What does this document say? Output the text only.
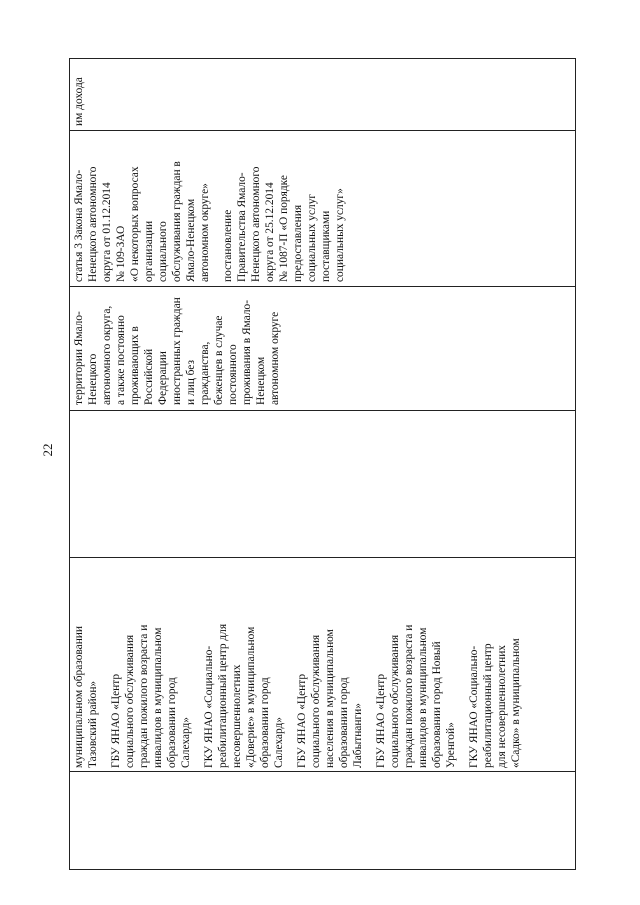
22
муниципальном образовании Тазовский район» ГБУ ЯНАО «Центр социального обслуживания граждан пожилого возраста и инвалидов в муниципальном образовании город Салехард» ГКУ ЯНАО «Социально- реабилитационный центр для несовершеннолетних «Доверие» в муниципальном образовании город Салехард» ГБУ ЯНАО «Центр социального обслуживания населения в муниципальном образовании город Лабытнанги» ГБУ ЯНАО «Центр социального обслуживания граждан пожилого возраста и инвалидов в муниципальном образовании город Новый Уренгой» ГКУ ЯНАО «Социально- реабилитационный центр для несовершеннолетних «Садко» в муниципальном
территории Ямало- Ненецкого автономного округа, а также постоянно проживающих в Российской Федерации иностранных граждан и лиц без гражданства, беженцев в случае постоянного проживания в Ямало- Ненецком автономном округе
статья 3 Закона Ямало- Ненецкого автономного округа от 01.12.2014 № 109-ЗАО «О некоторых вопросах организации социального обслуживания граждан в Ямало-Ненецком автономном округе» постановление Правительства Ямало- Ненецкого автономного округа от 25.12.2014 № 1087-П «О порядке предоставления социальных услуг поставщиками социальных услуг»
им дохода
